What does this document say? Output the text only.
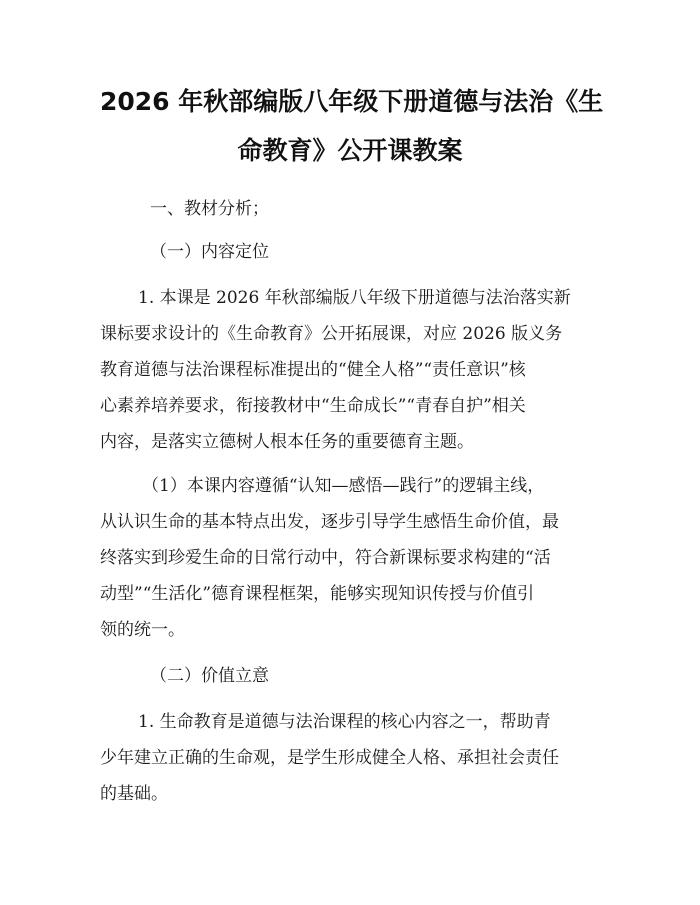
2026 年秋部编版八年级下册道德与法治《生
命教育》公开课教案
一、教材分析；
（一）内容定位
1. 本课是 2026 年秋部编版八年级下册道德与法治落实新
课标要求设计的《生命教育》公开拓展课，对应 2026 版义务
教育道德与法治课程标准提出的“健全人格”“责任意识”核
心素养培养要求，衔接教材中“生命成长”“青春自护”相关
内容，是落实立德树人根本任务的重要德育主题。
（1）本课内容遵循“认知—感悟—践行”的逻辑主线，
从认识生命的基本特点出发，逐步引导学生感悟生命价值，最
终落实到珍爱生命的日常行动中，符合新课标要求构建的“活
动型”“生活化”德育课程框架，能够实现知识传授与价值引
领的统一。
（二）价值立意
1. 生命教育是道德与法治课程的核心内容之一，帮助青
少年建立正确的生命观，是学生形成健全人格、承担社会责任
的基础。
